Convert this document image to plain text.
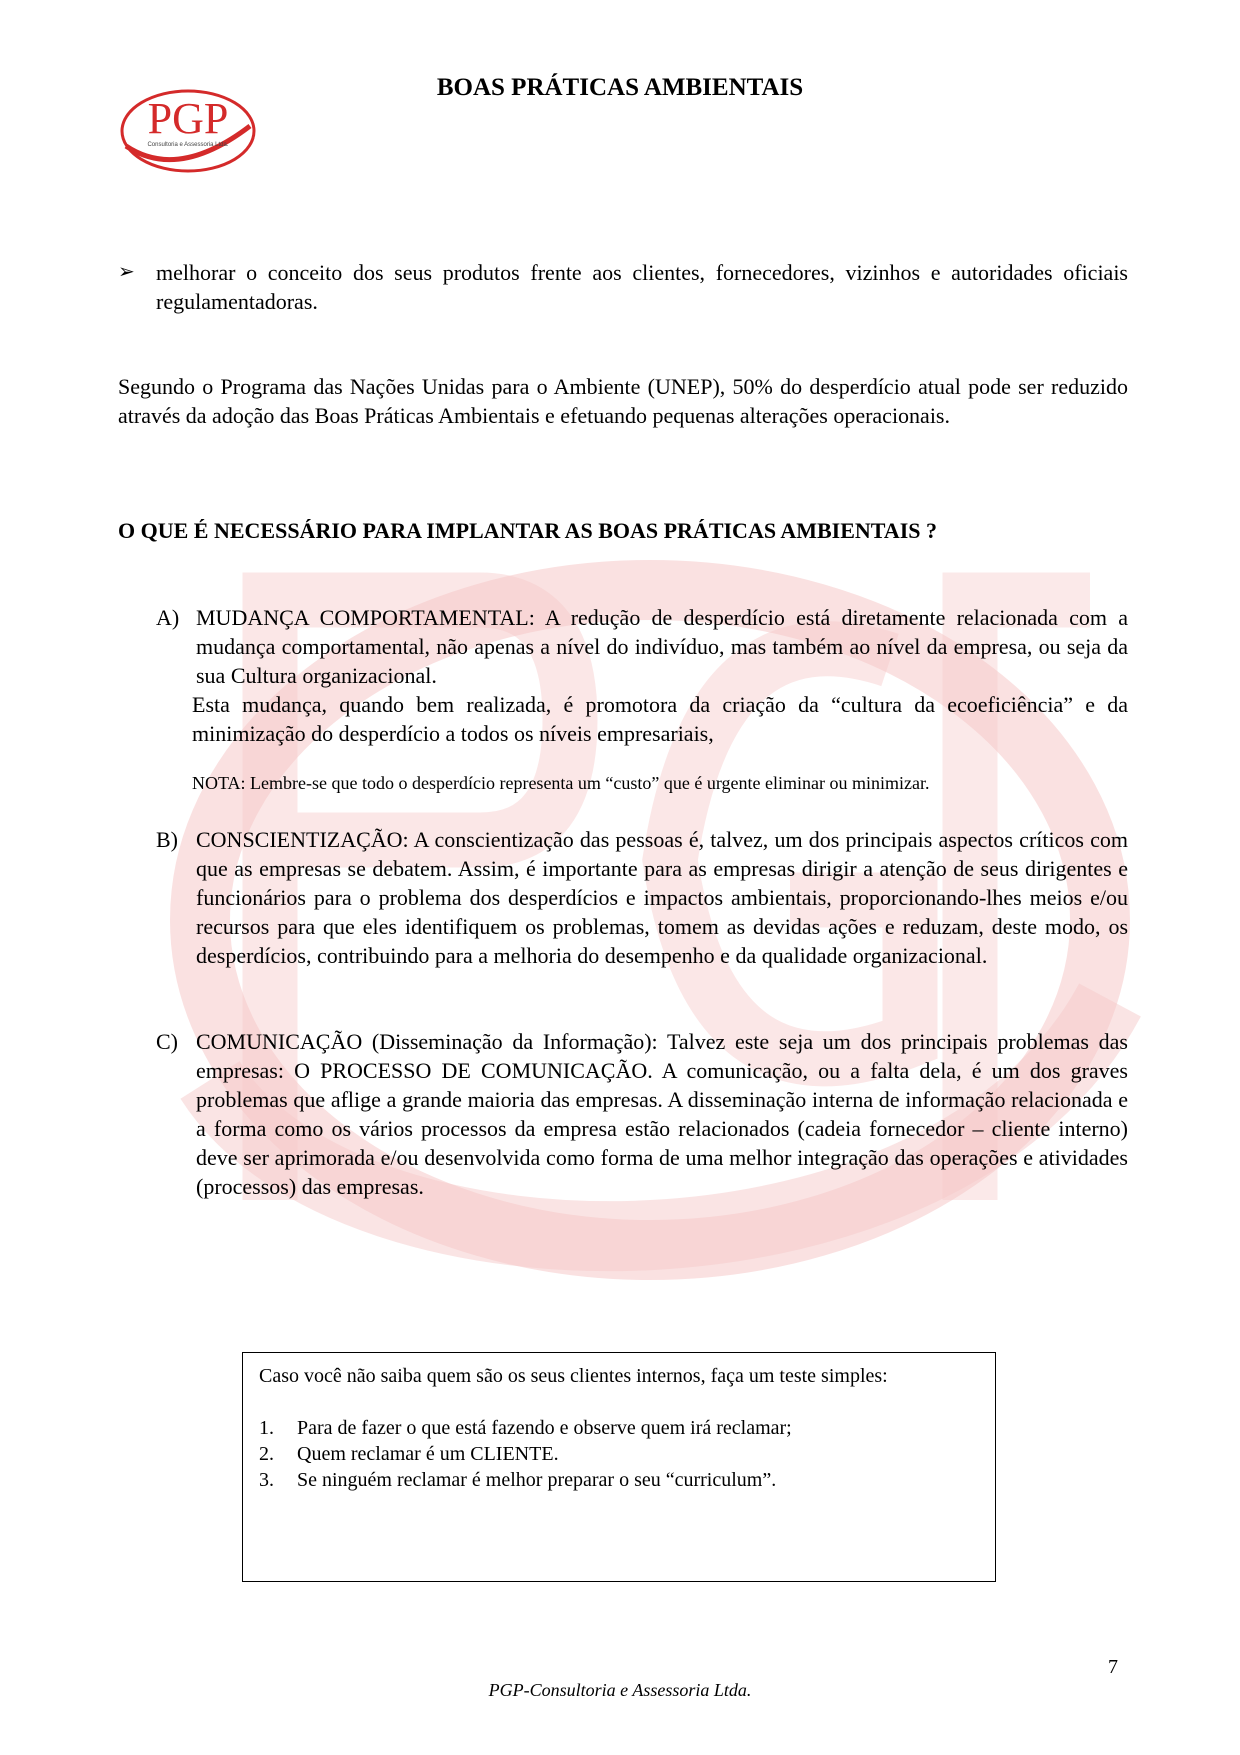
PGP
Consultoria e Assessoria Ltda.
BOAS PRÁTICAS AMBIENTAIS
➢ melhorar o conceito dos seus produtos frente aos clientes, fornecedores, vizinhos e autoridades oficiais regulamentadoras.

Segundo o Programa das Nações Unidas para o Ambiente (UNEP), 50% do desperdício atual pode ser reduzido através da adoção das Boas Práticas Ambientais e efetuando pequenas alterações operacionais.

O QUE É NECESSÁRIO PARA IMPLANTAR AS BOAS PRÁTICAS AMBIENTAIS ?
A) MUDANÇA COMPORTAMENTAL: A redução de desperdício está diretamente relacionada com a mudança comportamental, não apenas a nível do indivíduo, mas também ao nível da empresa, ou seja da sua Cultura organizacional.

Esta mudança, quando bem realizada, é promotora da criação da “cultura da ecoeficiência” e da minimização do desperdício a todos os níveis empresariais,

NOTA: Lembre-se que todo o desperdício representa um “custo” que é urgente eliminar ou minimizar.

B) CONSCIENTIZAÇÃO: A conscientização das pessoas é, talvez, um dos principais aspectos críticos com que as empresas se debatem. Assim, é importante para as empresas dirigir a atenção de seus dirigentes e funcionários para o problema dos desperdícios e impactos ambientais, proporcionando-lhes meios e/ou recursos para que eles identifiquem os problemas, tomem as devidas ações e reduzam, deste modo, os desperdícios, contribuindo para a melhoria do desempenho e da qualidade organizacional.
C) COMUNICAÇÃO (Disseminação da Informação): Talvez este seja um dos principais problemas das empresas: O PROCESSO DE COMUNICAÇÃO. A comunicação, ou a falta dela, é um dos graves problemas que aflige a grande maioria das empresas. A disseminação interna de informação relacionada e a forma como os vários processos da empresa estão relacionados (cadeia fornecedor – cliente interno) deve ser aprimorada e/ou desenvolvida como forma de uma melhor integração das operações e atividades (processos) das empresas.

Caso você não saiba quem são os seus clientes internos, faça um teste simples:

1.	Para de fazer o que está fazendo e observe quem irá reclamar;
2.	Quem reclamar é um CLIENTE.
3.	Se ninguém reclamar é melhor preparar o seu “curriculum”.
7
PGP-Consultoria e Assessoria Ltda.
